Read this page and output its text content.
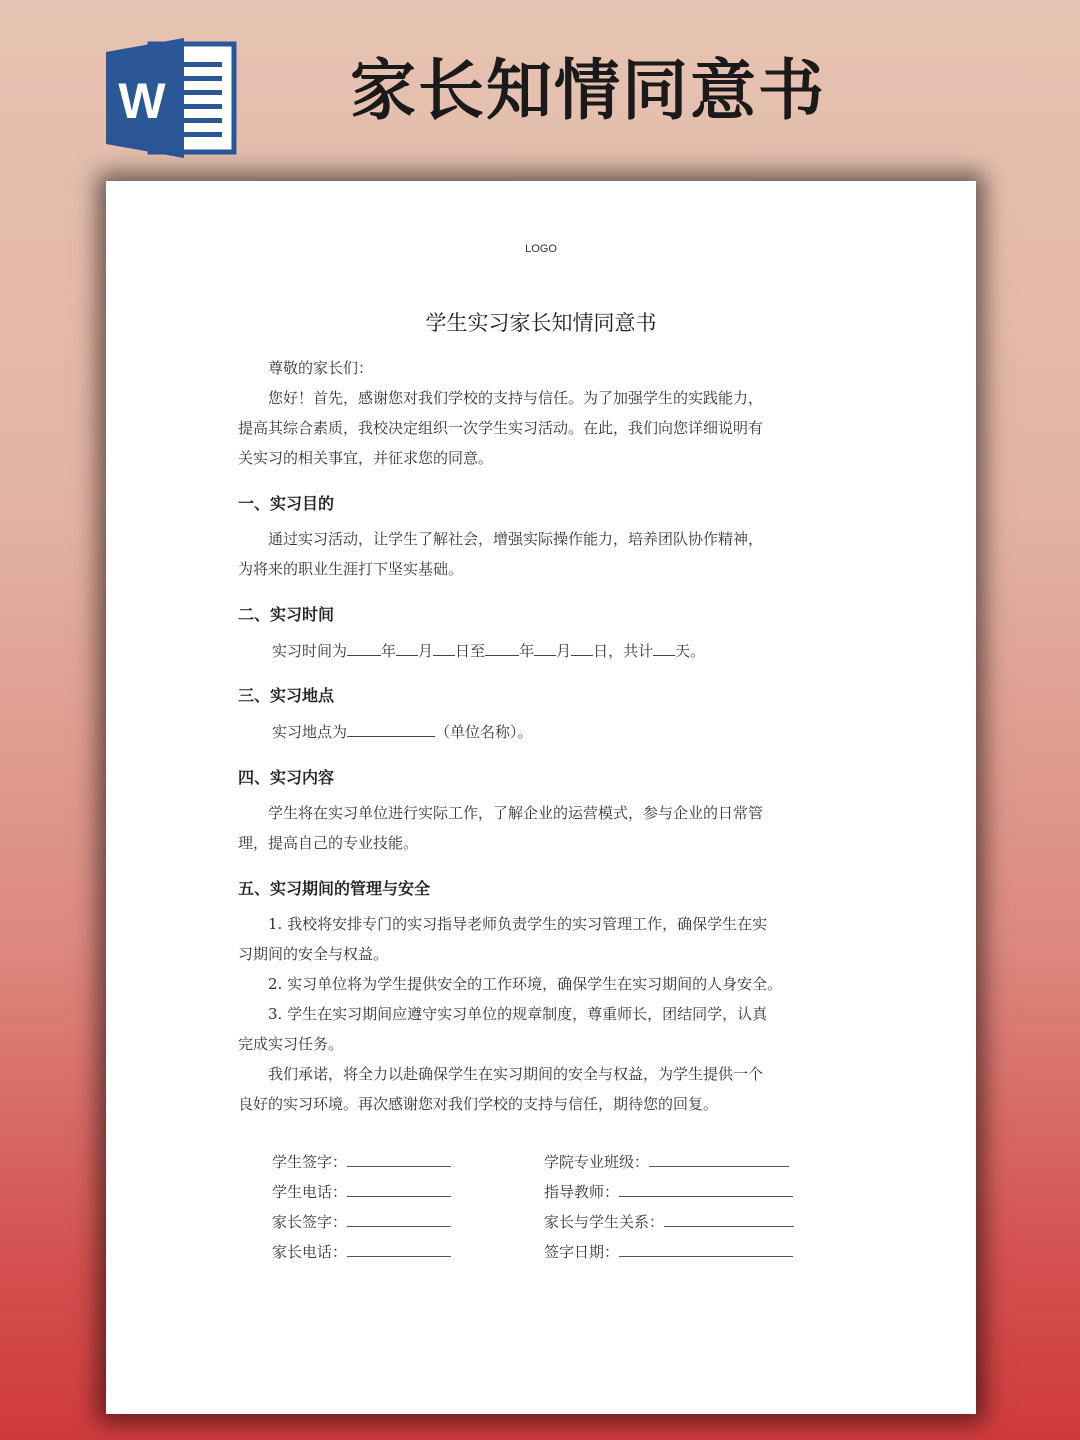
W	家长知情同意书
LOGO
学生实习家长知情同意书

尊敬的家长们：

您好！首先，感谢您对我们学校的支持与信任。为了加强学生的实践能力，

提高其综合素质，我校决定组织一次学生实习活动。在此，我们向您详细说明有

关实习的相关事宜，并征求您的同意。

一、实习目的

通过实习活动，让学生了解社会，增强实际操作能力，培养团队协作精神，

为将来的职业生涯打下坚实基础。

二、实习时间
实习时间为 年 月 日至 年 月 日，共计 天。
三、实习地点
实习地点为	（单位名称）。
四、实习内容

学生将在实习单位进行实际工作，了解企业的运营模式，参与企业的日常管

理，提高自己的专业技能。

五、实习期间的管理与安全

1. 我校将安排专门的实习指导老师负责学生的实习管理工作，确保学生在实

习期间的安全与权益。

2. 实习单位将为学生提供安全的工作环境，确保学生在实习期间的人身安全。

3. 学生在实习期间应遵守实习单位的规章制度，尊重师长，团结同学，认真

完成实习任务。

我们承诺，将全力以赴确保学生在实习期间的安全与权益，为学生提供一个

良好的实习环境。再次感谢您对我们学校的支持与信任，期待您的回复。

学生签字：
学生电话：
家长签字：
家长电话：
学院专业班级：
指导教师：
家长与学生关系：
签字日期：
